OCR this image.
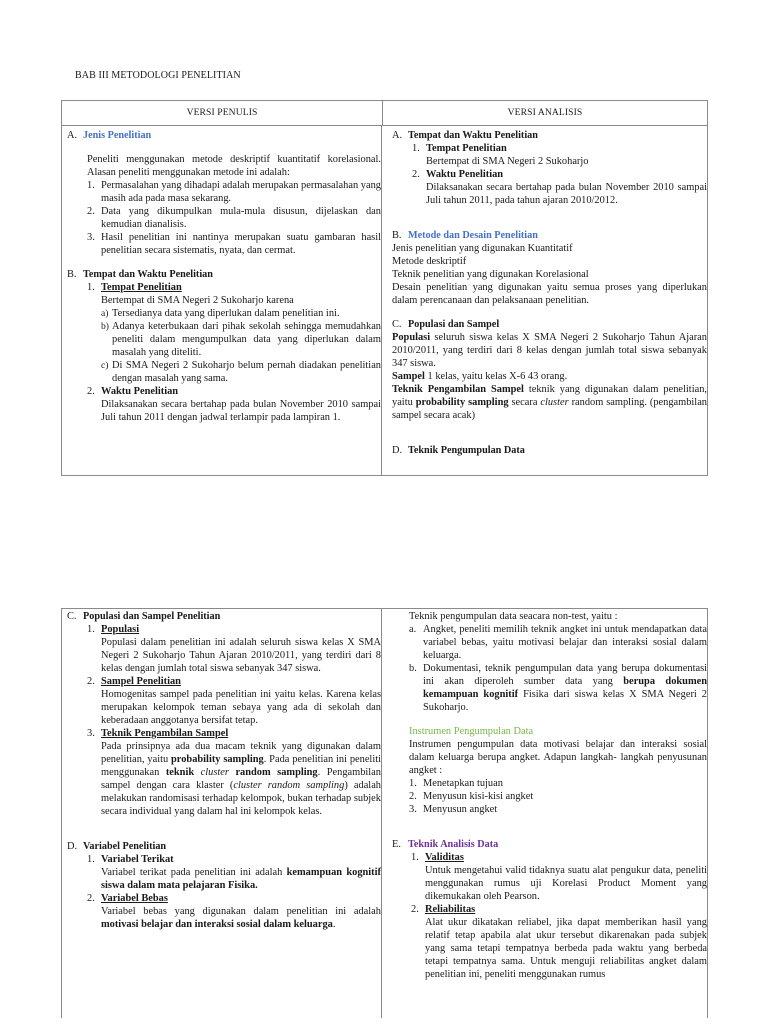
BAB III METODOLOGI PENELITIAN
VERSI PENULIS	VERSI ANALISIS
A. Jenis Penelitian

Peneliti menggunakan metode deskriptif kuantitatif korelasional. Alasan peneliti menggunakan metode ini adalah:

1. Permasalahan yang dihadapi adalah merupakan permasalahan yang masih ada pada masa sekarang.
2. Data yang dikumpulkan mula-mula disusun, dijelaskan dan kemudian dianalisis.
3. Hasil penelitian ini nantinya merupakan suatu gambaran hasil penelitian secara sistematis, nyata, dan cermat.
B. Tempat dan Waktu Penelitian
1. Tempat Penelitian

Bertempat di SMA Negeri 2 Sukoharjo karena

a) Tersedianya data yang diperlukan dalam penelitian ini.
b) Adanya keterbukaan dari pihak sekolah sehingga memudahkan peneliti dalam mengumpulkan data yang diperlukan dalam masalah yang diteliti.
c) Di SMA Negeri 2 Sukoharjo belum pernah diadakan penelitian dengan masalah yang sama.
2. Waktu Penelitian

Dilaksanakan secara bertahap pada bulan November 2010 sampai Juli tahun 2011 dengan jadwal terlampir pada lampiran 1.

A. Tempat dan Waktu Penelitian
1. Tempat Penelitian

Bertempat di SMA Negeri 2 Sukoharjo

2. Waktu Penelitian

Dilaksanakan secara bertahap pada bulan November 2010 sampai Juli tahun 2011, pada tahun ajaran 2010/2012.

B. Metode dan Desain Penelitian

Jenis penelitian yang digunakan Kuantitatif

Metode deskriptif

Teknik penelitian yang digunakan Korelasional

Desain penelitian yang digunakan yaitu semua proses yang diperlukan dalam perencanaan dan pelaksanaan penelitian.

C. Populasi dan Sampel

Populasi seluruh siswa kelas X SMA Negeri 2 Sukoharjo Tahun Ajaran 2010/2011, yang terdiri dari 8 kelas dengan jumlah total siswa sebanyak 347 siswa.

Sampel 1 kelas, yaitu kelas X-6 43 orang.

Teknik Pengambilan Sampel teknik yang digunakan dalam penelitian, yaitu probability sampling secara cluster random sampling. (pengambilan sampel secara acak)

D. Teknik Pengumpulan Data
C. Populasi dan Sampel Penelitian
1. Populasi

Populasi dalam penelitian ini adalah seluruh siswa kelas X SMA Negeri 2 Sukoharjo Tahun Ajaran 2010/2011, yang terdiri dari 8 kelas dengan jumlah total siswa sebanyak 347 siswa.

2. Sampel Penelitian

Homogenitas sampel pada penelitian ini yaitu kelas. Karena kelas merupakan kelompok teman sebaya yang ada di sekolah dan keberadaan anggotanya bersifat tetap.

3. Teknik Pengambilan Sampel

Pada prinsipnya ada dua macam teknik yang digunakan dalam penelitian, yaitu probability sampling. Pada penelitian ini peneliti menggunakan teknik cluster random sampling. Pengambilan sampel dengan cara klaster (cluster random sampling) adalah melakukan randomisasi terhadap kelompok, bukan terhadap subjek secara individual yang dalam hal ini kelompok kelas.

D. Variabel Penelitian
1. Variabel Terikat

Variabel terikat pada penelitian ini adalah kemampuan kognitif siswa dalam mata pelajaran Fisika.

2. Variabel Bebas

Variabel bebas yang digunakan dalam penelitian ini adalah motivasi belajar dan interaksi sosial dalam keluarga.

Teknik pengumpulan data seacara non-test, yaitu :

a. Angket, peneliti memilih teknik angket ini untuk mendapatkan data variabel bebas, yaitu motivasi belajar dan interaksi sosial dalam keluarga.
b. Dokumentasi, teknik pengumpulan data yang berupa dokumentasi ini akan diperoleh sumber data yang berupa dokumen kemampuan kognitif Fisika dari siswa kelas X SMA Negeri 2 Sukoharjo.
Instrumen Pengumpulan Data

Instrumen pengumpulan data motivasi belajar dan interaksi sosial dalam keluarga berupa angket. Adapun langkah- langkah penyusunan angket :

1. Menetapkan tujuan
2. Menyusun kisi-kisi angket
3. Menyusun angket
E. Teknik Analisis Data
1. Validitas

Untuk mengetahui valid tidaknya suatu alat pengukur data, peneliti menggunakan rumus uji Korelasi Product Moment yang dikemukakan oleh Pearson.

2. Reliabilitas

Alat ukur dikatakan reliabel, jika dapat memberikan hasil yang relatif tetap apabila alat ukur tersebut dikarenakan pada subjek yang sama tetapi tempatnya berbeda pada waktu yang berbeda tetapi tempatnya sama. Untuk menguji reliabilitas angket dalam penelitian ini, peneliti menggunakan rumus
